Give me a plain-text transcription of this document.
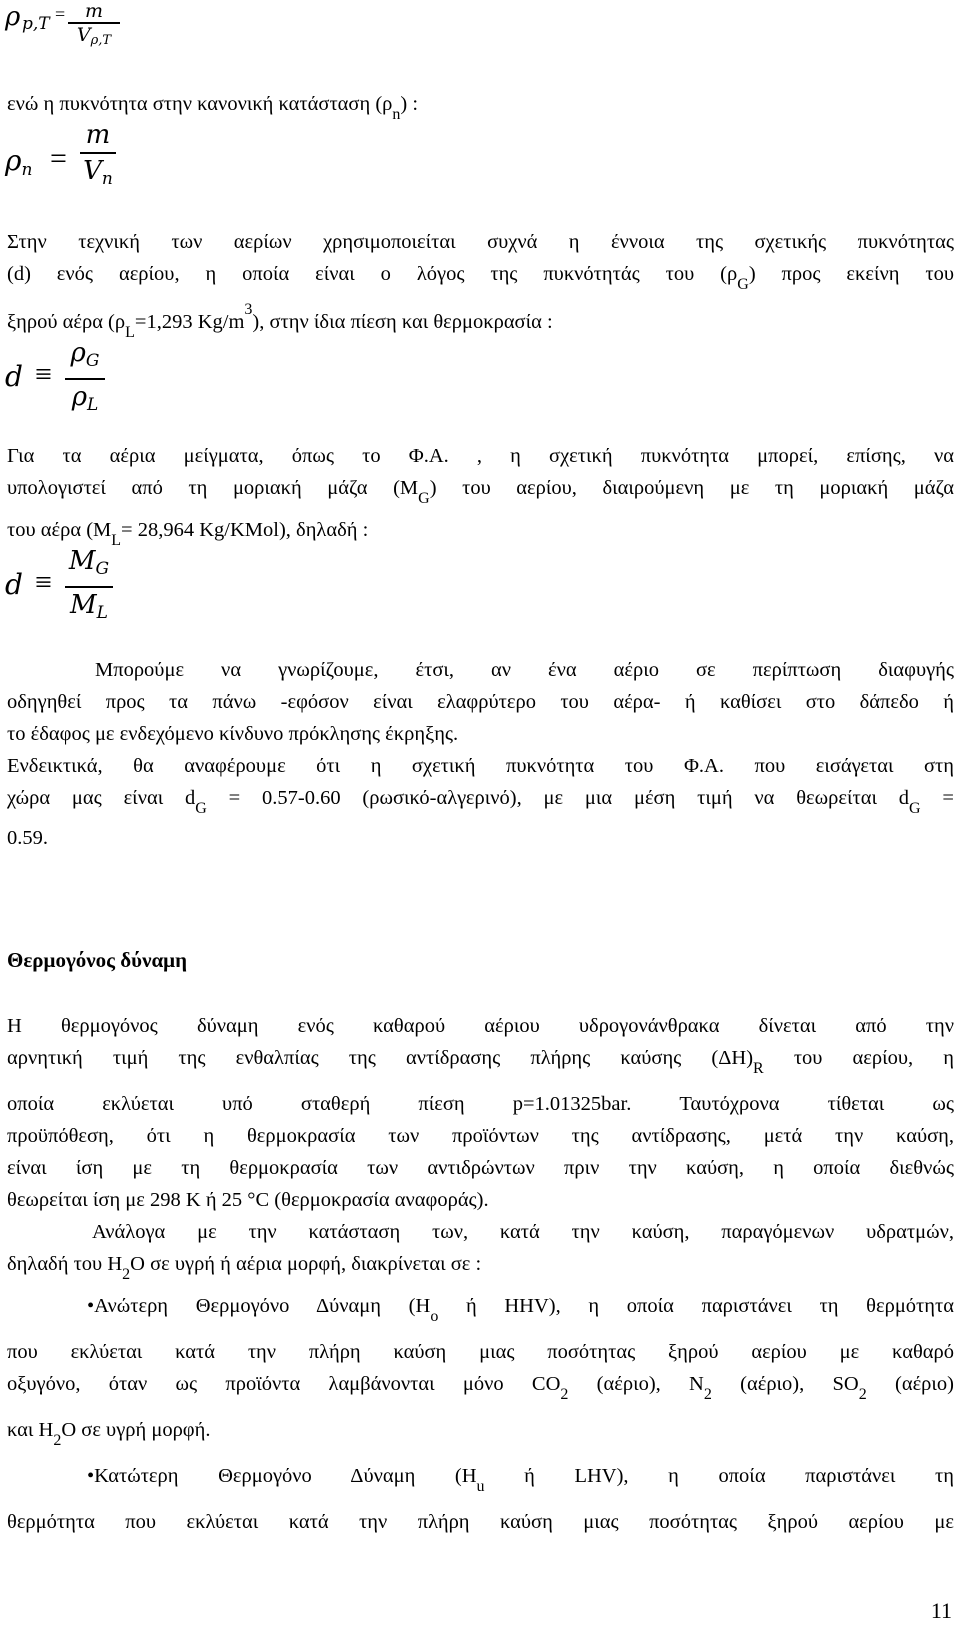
ρ p,T = m
$V_{\rho,T}$
ενώ η πυκνότητα στην κανονική κατάσταση $(\rho_n)$ :
$\rho_n$ =
m
$V_n$
Στην τεχνική των αερίων χρησιμοποιείται συχνά η έννοια της σχετικής πυκνότητας
(d) ενός αερίου, η οποία είναι ο λόγος της πυκνότητάς του $(\rho_G)$ προς εκείνη του
ξηρού αέρα ($\rho_L=1,293$ $Kg/m^3$), στην ίδια πίεση και θερμοκρασία :
d ≡
$\rho_G$
$\rho_L$
Για τα αέρια μείγματα, όπως το Φ.Α. , η σχετική πυκνότητα μπορεί, επίσης, να
υπολογιστεί από τη μοριακή μάζα $(M_G)$ του αερίου, διαιρούμενη με τη μοριακή μάζα
του αέρα ($M_L= 28,964$ Kg/KMol), δηλαδή :
d ≡
$M_G$
$M_L$
Μπορούμε να γνωρίζουμε, έτσι, αν ένα αέριο σε περίπτωση διαφυγής
οδηγηθεί προς τα πάνω -εφόσον είναι ελαφρύτερο του αέρα- ή καθίσει στο δάπεδο ή
το έδαφος με ενδεχόμενο κίνδυνο πρόκλησης έκρηξης.
Ενδεικτικά, θα αναφέρουμε ότι η σχετική πυκνότητα του Φ.Α. που εισάγεται στη
χώρα μας είναι $d_G = 0.57-0.60$ (ρωσικό-αλγερινό), με μια μέση τιμή να θεωρείται $d_G$ =
0.59.
Θερμογόνος δύναμη
Η θερμογόνος δύναμη ενός καθαρού αέριου υδρογονάνθρακα δίνεται από την
αρνητική τιμή της ενθαλπίας της αντίδρασης πλήρης καύσης $(\Delta H)_R$ του αερίου, η
οποία εκλύεται υπό σταθερή πίεση p=1.01325bar. Ταυτόχρονα τίθεται ως
προϋπόθεση, ότι η θερμοκρασία των προϊόντων της αντίδρασης, μετά την καύση,
είναι ίση με τη θερμοκρασία των αντιδρώντων πριν την καύση, η οποία διεθνώς
θεωρείται ίση με 298 K ή 25 °C (θερμοκρασία αναφοράς).
Ανάλογα με την κατάσταση των, κατά την καύση, παραγόμενων υδρατμών,
δηλαδή του $H_2O$ σε υγρή ή αέρια μορφή, διακρίνεται σε :
•Ανώτερη Θερμογόνο Δύναμη ($H_o$ ή HHV), η οποία παριστάνει τη θερμότητα
που εκλύεται κατά την πλήρη καύση μιας ποσότητας ξηρού αερίου με καθαρό
οξυγόνο, όταν ως προϊόντα λαμβάνονται μόνο $CO_2$ (αέριο), $N_2$ (αέριο), $SO_2$ (αέριο)
και $H_2O$ σε υγρή μορφή.
•Κατώτερη Θερμογόνο Δύναμη ($H_u$ ή LHV), η οποία παριστάνει τη
θερμότητα που εκλύεται κατά την πλήρη καύση μιας ποσότητας ξηρού αερίου με
11
